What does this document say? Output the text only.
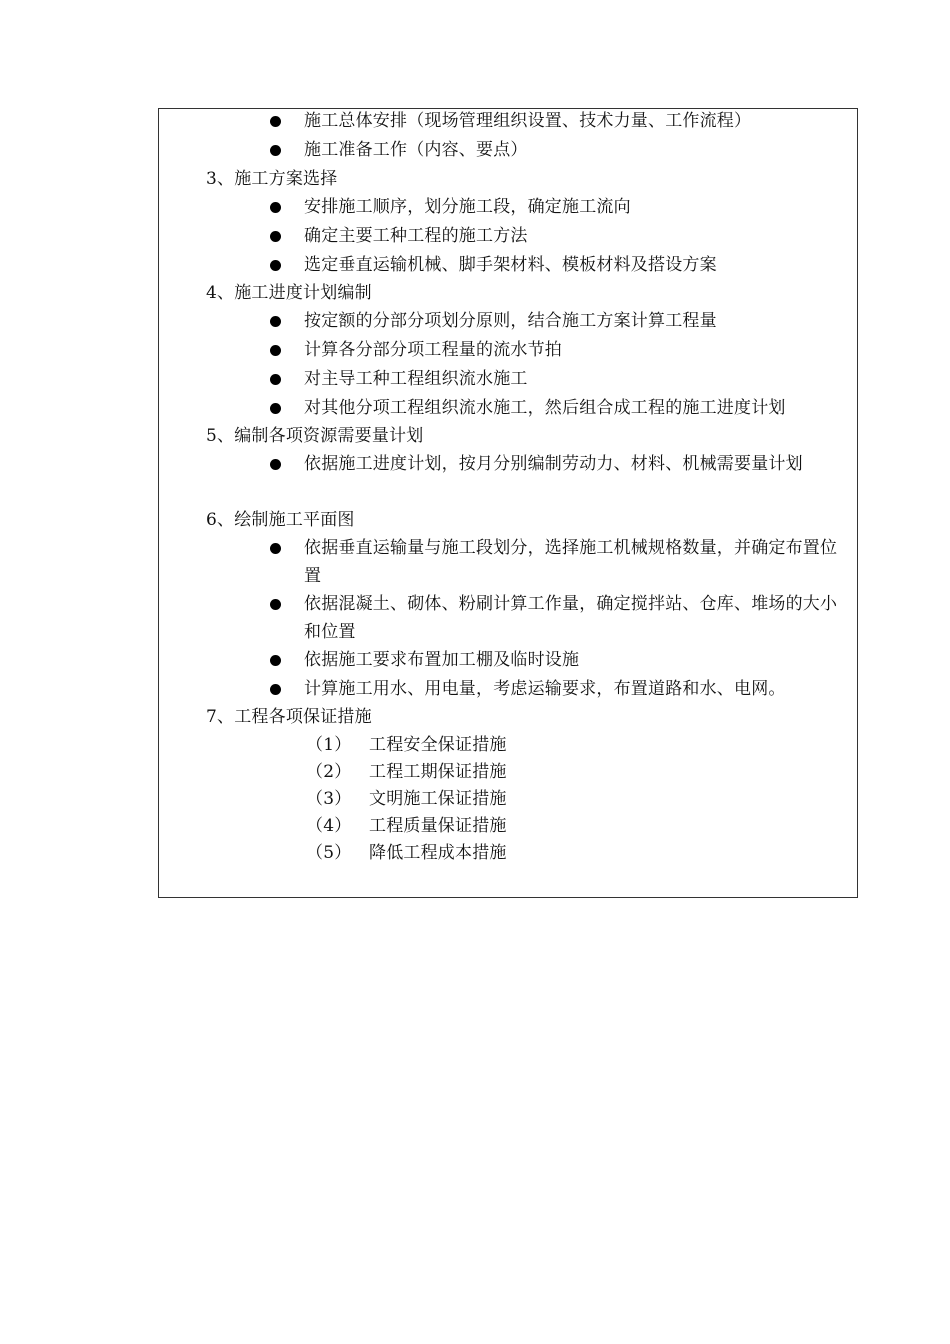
施工总体安排（现场管理组织设置、技术力量、工作流程）
施工准备工作（内容、要点）
3、施工方案选择
安排施工顺序，划分施工段，确定施工流向
确定主要工种工程的施工方法
选定垂直运输机械、脚手架材料、模板材料及搭设方案
4、施工进度计划编制
按定额的分部分项划分原则，结合施工方案计算工程量
计算各分部分项工程量的流水节拍
对主导工种工程组织流水施工
对其他分项工程组织流水施工，然后组合成工程的施工进度计划
5、编制各项资源需要量计划
依据施工进度计划，按月分别编制劳动力、材料、机械需要量计划
6、绘制施工平面图
依据垂直运输量与施工段划分，选择施工机械规格数量，并确定布置位置
依据混凝土、砌体、粉刷计算工作量，确定搅拌站、仓库、堆场的大小和位置
依据施工要求布置加工棚及临时设施
计算施工用水、用电量，考虑运输要求，布置道路和水、电网。
7、工程各项保证措施
（1） 工程安全保证措施
（2） 工程工期保证措施
（3） 文明施工保证措施
（4） 工程质量保证措施
（5） 降低工程成本措施
